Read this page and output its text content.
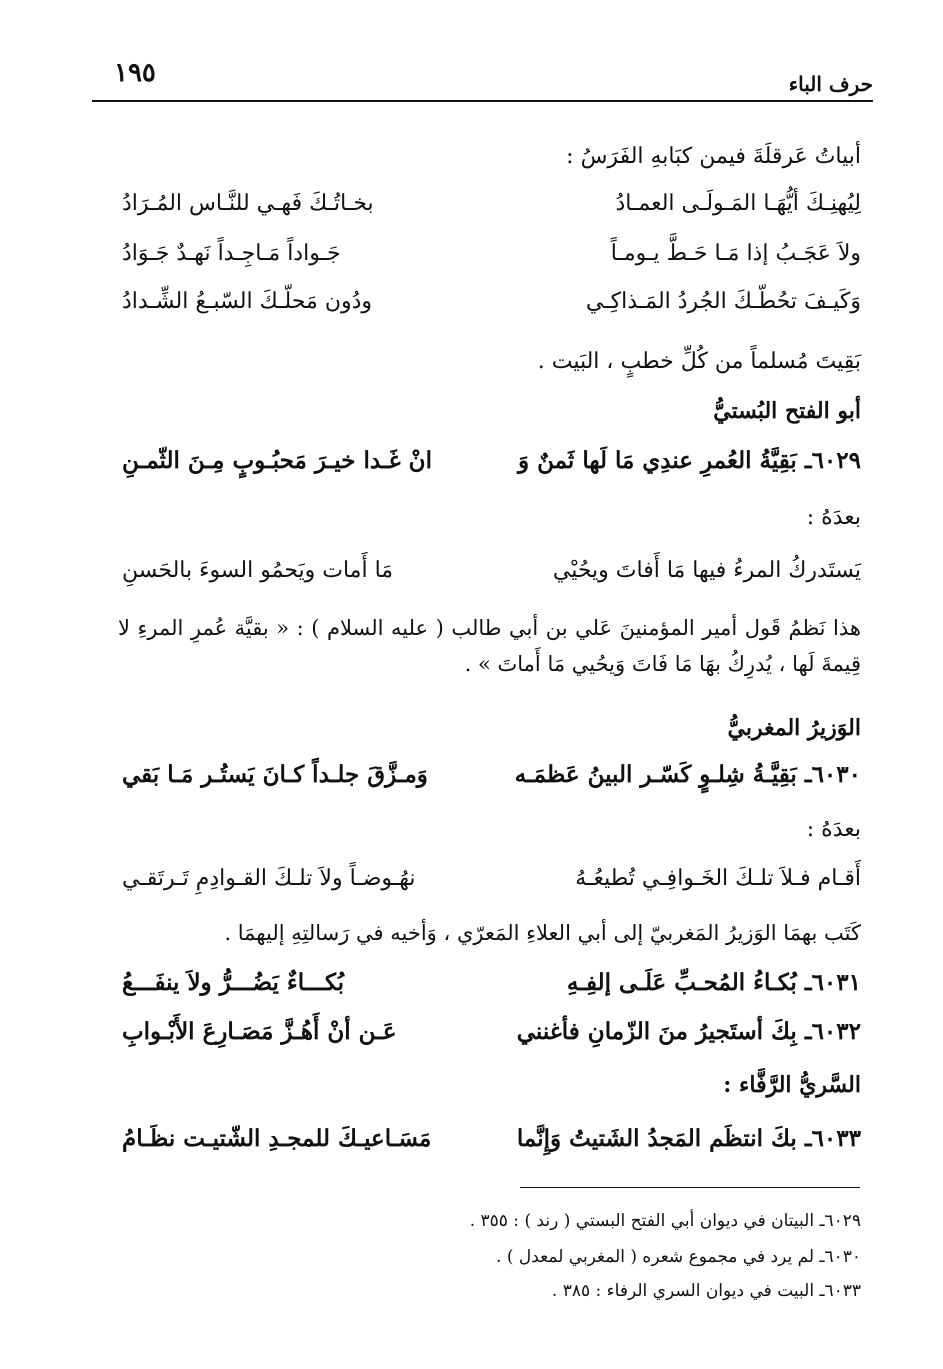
حرف الباء
١٩٥
أبياتُ عَرقلَةَ فيمن كبَابهِ الفَرَسُ :
لِيُهنِـكَ أيُّهَـا المَـولَـى العمـادُ
بخـاتُـكَ فَهـي للنَّـاس المُـرَادُ
ولاَ عَجَـبُ إذا مَـا حَـطَّ يـومـاً
جَـواداً مَـاجِـداً نَهـدٌ جَـوَادُ
وَكَيـفَ تحُطّـكَ الجُردُ المَـذاكِـي
ودُون مَحلّـكَ السّبـعُ الشِّـدادُ
بَقِيتَ مُسلماً من كُلِّ خطبٍ ، البَيت .
أبو الفتح البُستيُّ
٦٠٢٩ـ بَقِيَّةُ العُمرِ عندِي مَا لَها ثَمنٌ وَ
انْ غَـدا خيـرَ مَحبُـوبٍ مِـنَ الثّمـنِ
بعدَهُ :
يَستَدركُ المرءُ فيها مَا أَفاتَ ويحُيْي
مَا أَمات ويَحمُو السوءَ بالحَسنِ
هذا نَظمُ قَول أمير المؤمنينَ عَلي بن أبي طالب ( عليه السلام ) : « بقيَّة عُمرِ المرءِ لا قِيمةَ لَها ، يُدرِكُ بهَا مَا فَاتَ وَيحُيي مَا أَماتَ » .
الوَزيرُ المغربيُّ
٦٠٣٠ـ بَقِيَّـةُ شِلـوٍ كَسّـر البينُ عَظمَـه
وَمـزَّقَ جلـداً كـانَ يَستُـر مَـا بَقي
بعدَهُ :
أَقـام فـلاَ تلـكَ الخَـوافِـي تُطيعُـهُ
نهُـوضـاً ولاَ تلـكَ القـوادِمِ تَـرتَقـي
كَتَب بهمَا الوَزيرُ المَغربيّ إلى أبي العلاءِ المَعرّي ، وَأخيه في رَسالتِهِ إليهمَا .
٦٠٣١ـ بُكـاءُ المُحـبِّ عَلَـى إلفِـهِ
بُكـــاءٌ يَضُـــرُّ ولاَ ينفَـــعُ
٦٠٣٢ـ بِكَ أستَجيرُ منَ الزّمانِ فأغنني
عَـن أنْ أَهُـزَّ مَصَـارِعَ الأَبْـوابِ
السَّريُّ الرَّفَّاء :
٦٠٣٣ـ بكَ انتظَم المَجدُ الشَتيتُ وَإِنَّما
مَسَـاعيـكَ للمجـدِ الشّتيـت نظَـامُ
٦٠٢٩ـ البيتان في ديوان أبي الفتح البستي ( رند ) : ٣٥٥ .
٦٠٣٠ـ لم يرد في مجموع شعره ( المغربي لمعدل ) .
٦٠٣٣ـ البيت في ديوان السري الرفاء : ٣٨٥ .
